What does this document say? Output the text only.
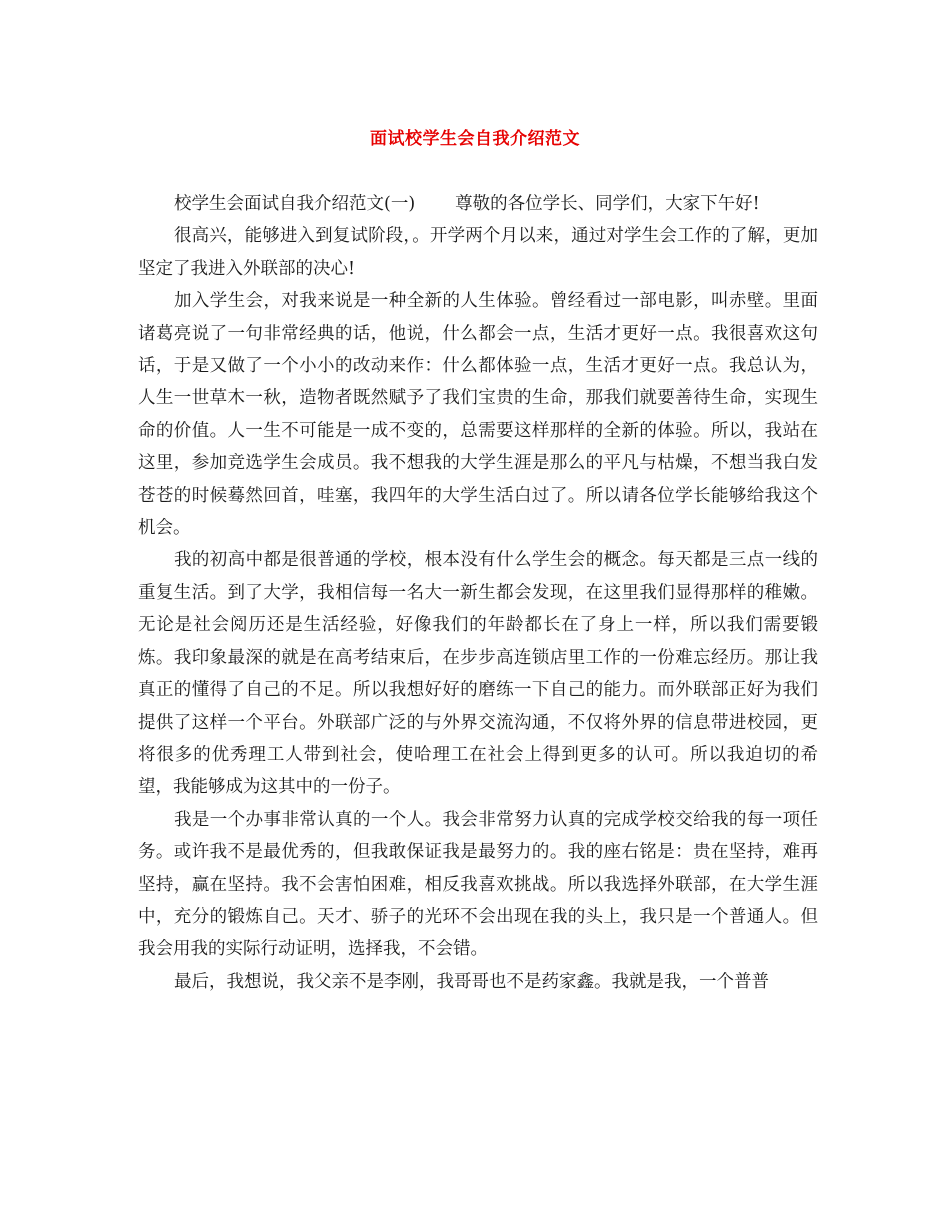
面试校学生会自我介绍范文

校学生会面试自我介绍范文(一) 尊敬的各位学长、同学们，大家下午好!

很高兴，能够进入到复试阶段，。开学两个月以来，通过对学生会工作的了解，更加坚定了我进入外联部的决心!

加入学生会，对我来说是一种全新的人生体验。曾经看过一部电影，叫赤壁。里面诸葛亮说了一句非常经典的话，他说，什么都会一点，生活才更好一点。我很喜欢这句话，于是又做了一个小小的改动来作：什么都体验一点，生活才更好一点。我总认为，人生一世草木一秋，造物者既然赋予了我们宝贵的生命，那我们就要善待生命，实现生命的价值。人一生不可能是一成不变的，总需要这样那样的全新的体验。所以，我站在这里，参加竞选学生会成员。我不想我的大学生涯是那么的平凡与枯燥，不想当我白发苍苍的时候蓦然回首，哇塞，我四年的大学生活白过了。所以请各位学长能够给我这个机会。

我的初高中都是很普通的学校，根本没有什么学生会的概念。每天都是三点一线的重复生活。到了大学，我相信每一名大一新生都会发现，在这里我们显得那样的稚嫩。无论是社会阅历还是生活经验，好像我们的年龄都长在了身上一样，所以我们需要锻炼。我印象最深的就是在高考结束后，在步步高连锁店里工作的一份难忘经历。那让我真正的懂得了自己的不足。所以我想好好的磨练一下自己的能力。而外联部正好为我们提供了这样一个平台。外联部广泛的与外界交流沟通，不仅将外界的信息带进校园，更将很多的优秀理工人带到社会，使哈理工在社会上得到更多的认可。所以我迫切的希望，我能够成为这其中的一份子。

我是一个办事非常认真的一个人。我会非常努力认真的完成学校交给我的每一项任务。或许我不是最优秀的，但我敢保证我是最努力的。我的座右铭是：贵在坚持，难再坚持，赢在坚持。我不会害怕困难，相反我喜欢挑战。所以我选择外联部，在大学生涯中，充分的锻炼自己。天才、骄子的光环不会出现在我的头上，我只是一个普通人。但我会用我的实际行动证明，选择我，不会错。

最后，我想说，我父亲不是李刚，我哥哥也不是药家鑫。我就是我，一个普普
